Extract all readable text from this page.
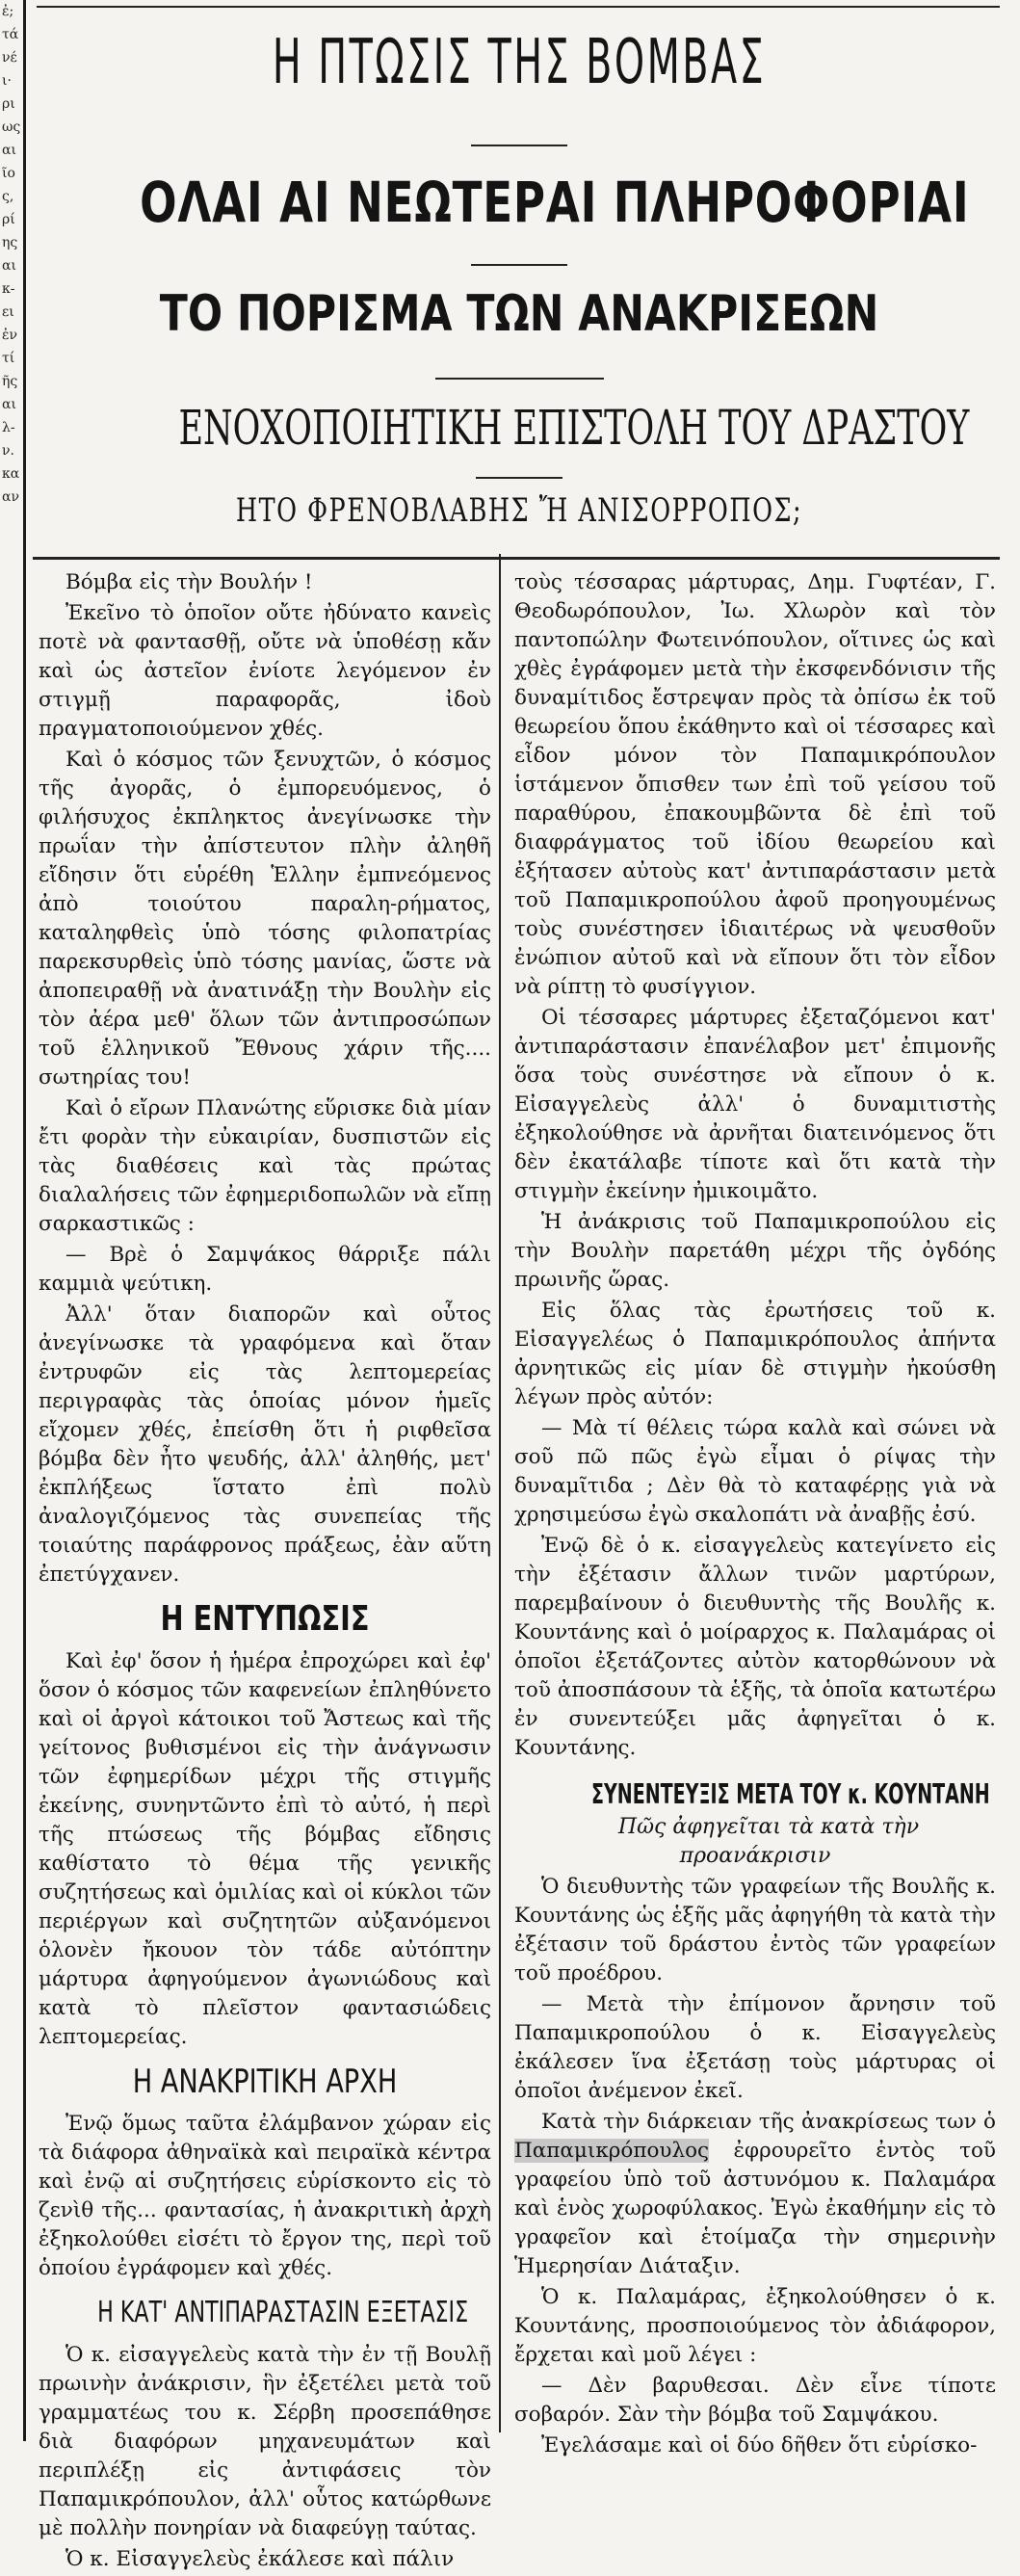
ἐ;
τά
νέ
ι·
ρι
ως
αι
ῖο
ς,
ρί
ης
αι
κ-
ει
ἐν
τί
ῆς
αι
λ-
ν.
κα
αν
Η ΠΤΩΣΙΣ ΤΗΣ ΒΟΜΒΑΣ
ΟΛΑΙ ΑΙ ΝΕΩΤΕΡΑΙ ΠΛΗΡΟΦΟΡΙΑΙ
ΤΟ ΠΟΡΙΣΜΑ ΤΩΝ ΑΝΑΚΡΙΣΕΩΝ
ΕΝΟΧΟΠΟΙΗΤΙΚΗ ΕΠΙΣΤΟΛΗ ΤΟΥ ΔΡΑΣΤΟΥ
ΗΤΟ ΦΡΕΝΟΒΛΑΒΗΣ Ἤ ΑΝΙΣΟΡΡΟΠΟΣ;

Βόμβα εἰς τὴν Βουλήν !

Ἐκεῖνο τὸ ὁποῖον οὔτε ἠδύνατο κανεὶς ποτὲ νὰ φαντασθῇ, οὔτε νὰ ὑποθέσῃ κἄν καὶ ὡς ἀστεῖον ἐνίοτε λεγόμενον ἐν στιγμῇ παραφορᾶς, ἰδοὺ πραγματοποιούμενον χθές.

Καὶ ὁ κόσμος τῶν ξενυχτῶν, ὁ κόσμος τῆς ἀγορᾶς, ὁ ἐμπορευόμενος, ὁ φιλήσυχος ἐκπληκτος ἀνεγίνωσκε τὴν πρωΐαν τὴν ἀπίστευτον πλὴν ἀληθῆ εἴδησιν ὅτι εὑρέθη Ἑλλην ἐμπνεόμενος ἀπὸ τοιούτου παραλη-ρήματος, καταληφθεὶς ὑπὸ τόσης φιλοπατρίας παρεκσυρθεὶς ὑπὸ τόσης μανίας, ὥστε νὰ ἀποπειραθῇ νὰ ἀνατινάξῃ τὴν Βουλὴν εἰς τὸν ἀέρα μεθ' ὅλων τῶν ἀντιπροσώπων τοῦ ἑλληνικοῦ Ἔθνους χάριν τῆς.... σωτηρίας του!

Καὶ ὁ εἴρων Πλανώτης εὕρισκε διὰ μίαν ἔτι φορὰν τὴν εὐκαιρίαν, δυσπιστῶν εἰς τὰς διαθέσεις καὶ τὰς πρώτας διαλαλήσεις τῶν ἐφημεριδοπωλῶν νὰ εἴπῃ σαρκαστικῶς :

— Βρὲ ὁ Σαμψάκος θάρριξε πάλι καμμιὰ ψεύτικη.

Ἀλλ' ὅταν διαπορῶν καὶ οὗτος ἀνεγίνωσκε τὰ γραφόμενα καὶ ὅταν ἐντρυφῶν εἰς τὰς λεπτομερείας περιγραφὰς τὰς ὁποίας μόνον ἡμεῖς εἴχομεν χθές, ἐπείσθη ὅτι ἡ ριφθεῖσα βόμβα δὲν ἦτο ψευδής, ἀλλ' ἀληθής, μετ' ἐκπλήξεως ἵστατο ἐπὶ πολὺ ἀναλογιζόμενος τὰς συνεπείας τῆς τοιαύτης παράφρονος πράξεως, ἐὰν αὕτη ἐπετύγχανεν.

Η ΕΝΤΥΠΩΣΙΣ

Καὶ ἐφ' ὅσον ἡ ἡμέρα ἐπροχώρει καὶ ἐφ' ὅσον ὁ κόσμος τῶν καφενείων ἐπληθύνετο καὶ οἱ ἀργοὶ κάτοικοι τοῦ Ἄστεως καὶ τῆς γείτονος βυθισμένοι εἰς τὴν ἀνάγνωσιν τῶν ἐφημερίδων μέχρι τῆς στιγμῆς ἐκείνης, συνηντῶντο ἐπὶ τὸ αὐτό, ἡ περὶ τῆς πτώσεως τῆς βόμβας εἴδησις καθίστατο τὸ θέμα τῆς γενικῆς συζητήσεως καὶ ὁμιλίας καὶ οἱ κύκλοι τῶν περιέργων καὶ συζητητῶν αὐξανόμενοι ὁλονὲν ἤκουον τὸν τάδε αὐτόπτην μάρτυρα ἀφηγούμενον ἀγωνιώδους καὶ κατὰ τὸ πλεῖστον φαντασιώδεις λεπτομερείας.

Η ΑΝΑΚΡΙΤΙΚΗ ΑΡΧΗ

Ἐνῷ ὅμως ταῦτα ἐλάμβανον χώραν εἰς τὰ διάφορα ἀθηναϊκὰ καὶ πειραϊκὰ κέντρα καὶ ἐνῷ αἱ συζητήσεις εὑρίσκοντο εἰς τὸ ζενὶθ τῆς... φαντασίας, ἡ ἀνακριτικὴ ἀρχὴ ἐξηκολούθει εἰσέτι τὸ ἔργον της, περὶ τοῦ ὁποίου ἐγράφομεν καὶ χθές.

Η ΚΑΤ' ΑΝΤΙΠΑΡΑΣΤΑΣΙΝ ΕΞΕΤΑΣΙΣ

Ὁ κ. εἰσαγγελεὺς κατὰ τὴν ἐν τῇ Βουλῇ πρωινὴν ἀνάκρισιν, ἣν ἐξετέλει μετὰ τοῦ γραμματέως του κ. Σέρβη προσεπάθησε διὰ διαφόρων μηχανευμάτων καὶ περιπλέξῃ εἰς ἀντιφάσεις τὸν Παπαμικρόπουλον, ἀλλ' οὗτος κατώρθωνε μὲ πολλὴν πονηρίαν νὰ διαφεύγῃ ταύτας.

Ὁ κ. Εἰσαγγελεὺς ἐκάλεσε καὶ πάλιν

τοὺς τέσσαρας μάρτυρας, Δημ. Γυφτέαν, Γ. Θεοδωρόπουλον, Ἰω. Χλωρὸν καὶ τὸν παντοπώλην Φωτεινόπουλον, οἵτινες ὡς καὶ χθὲς ἐγράφομεν μετὰ τὴν ἐκσφενδόνισιν τῆς δυναμίτιδος ἔστρεψαν πρὸς τὰ ὀπίσω ἐκ τοῦ θεωρείου ὅπου ἐκάθηντο καὶ οἱ τέσσαρες καὶ εἶδον μόνον τὸν Παπαμικρόπουλον ἱστάμενον ὄπισθεν των ἐπὶ τοῦ γείσου τοῦ παραθύρου, ἐπακουμβῶντα δὲ ἐπὶ τοῦ διαφράγματος τοῦ ἰδίου θεωρείου καὶ ἐξήτασεν αὐτοὺς κατ' ἀντιπαράστασιν μετὰ τοῦ Παπαμικροπούλου ἀφοῦ προηγουμένως τοὺς συνέστησεν ἰδιαιτέρως νὰ ψευσθοῦν ἐνώπιον αὐτοῦ καὶ νὰ εἴπουν ὅτι τὸν εἶδον νὰ ρίπτῃ τὸ φυσίγγιον.

Οἱ τέσσαρες μάρτυρες ἐξεταζόμενοι κατ' ἀντιπαράστασιν ἐπανέλαβον μετ' ἐπιμονῆς ὅσα τοὺς συνέστησε νὰ εἴπουν ὁ κ. Εἰσαγγελεὺς ἀλλ' ὁ δυναμιτιστὴς ἐξηκολούθησε νὰ ἀρνῆται διατεινόμενος ὅτι δὲν ἐκατάλαβε τίποτε καὶ ὅτι κατὰ τὴν στιγμὴν ἐκείνην ἠμικοιμᾶτο.

Ἡ ἀνάκρισις τοῦ Παπαμικροπούλου εἰς τὴν Βουλὴν παρετάθη μέχρι τῆς ὀγδόης πρωινῆς ὥρας.

Εἰς ὅλας τὰς ἐρωτήσεις τοῦ κ. Εἰσαγγελέως ὁ Παπαμικρόπουλος ἀπήντα ἀρνητικῶς εἰς μίαν δὲ στιγμὴν ἠκούσθη λέγων πρὸς αὐτόν:

— Μὰ τί θέλεις τώρα καλὰ καὶ σώνει νὰ σοῦ πῶ πῶς ἐγὼ εἶμαι ὁ ρίψας τὴν δυναμῖτιδα ; Δὲν θὰ τὸ καταφέρῃς γιὰ νὰ χρησιμεύσω ἐγὼ σκαλοπάτι νὰ ἀναβῇς ἐσύ.

Ἐνῷ δὲ ὁ κ. εἰσαγγελεὺς κατεγίνετο εἰς τὴν ἐξέτασιν ἄλλων τινῶν μαρτύρων, παρεμβαίνουν ὁ διευθυντὴς τῆς Βουλῆς κ. Κουντάνης καὶ ὁ μοίραρχος κ. Παλαμάρας οἱ ὁποῖοι ἐξετάζοντες αὐτὸν κατορθώνουν νὰ τοῦ ἀποσπάσουν τὰ ἑξῆς, τὰ ὁποῖα κατωτέρω ἐν συνεντεύξει μᾶς ἀφηγεῖται ὁ κ. Κουντάνης.

ΣΥΝΕΝΤΕΥΞΙΣ ΜΕΤΑ ΤΟΥ κ. ΚΟΥΝΤΑΝΗ

Πῶς ἀφηγεῖται τὰ κατὰ τὴν προανάκρισιν

Ὁ διευθυντὴς τῶν γραφείων τῆς Βουλῆς κ. Κουντάνης ὡς ἑξῆς μᾶς ἀφηγήθη τὰ κατὰ τὴν ἐξέτασιν τοῦ δράστου ἐντὸς τῶν γραφείων τοῦ προέδρου.

— Μετὰ τὴν ἐπίμονον ἄρνησιν τοῦ Παπαμικροπούλου ὁ κ. Εἰσαγγελεὺς ἐκάλεσεν ἵνα ἐξετάσῃ τοὺς μάρτυρας οἱ ὁποῖοι ἀνέμενον ἐκεῖ.

Κατὰ τὴν διάρκειαν τῆς ἀνακρίσεως των ὁ Παπαμικρόπουλος ἐφρουρεῖτο ἐντὸς τοῦ γραφείου ὑπὸ τοῦ ἀστυνόμου κ. Παλαμάρα καὶ ἑνὸς χωροφύλακος. Ἐγὼ ἐκαθήμην εἰς τὸ γραφεῖον καὶ ἑτοίμαζα τὴν σημερινὴν Ἡμερησίαν Διάταξιν.

Ὁ κ. Παλαμάρας, ἐξηκολούθησεν ὁ κ. Κουντάνης, προσποιούμενος τὸν ἀδιάφορον, ἔρχεται καὶ μοῦ λέγει :

— Δὲν βαρυθεσαι. Δὲν εἶνε τίποτε σοβαρόν. Σὰν τὴν βόμβα τοῦ Σαμψάκου.

Ἐγελάσαμε καὶ οἱ δύο δῆθεν ὅτι εὑρίσκο-
